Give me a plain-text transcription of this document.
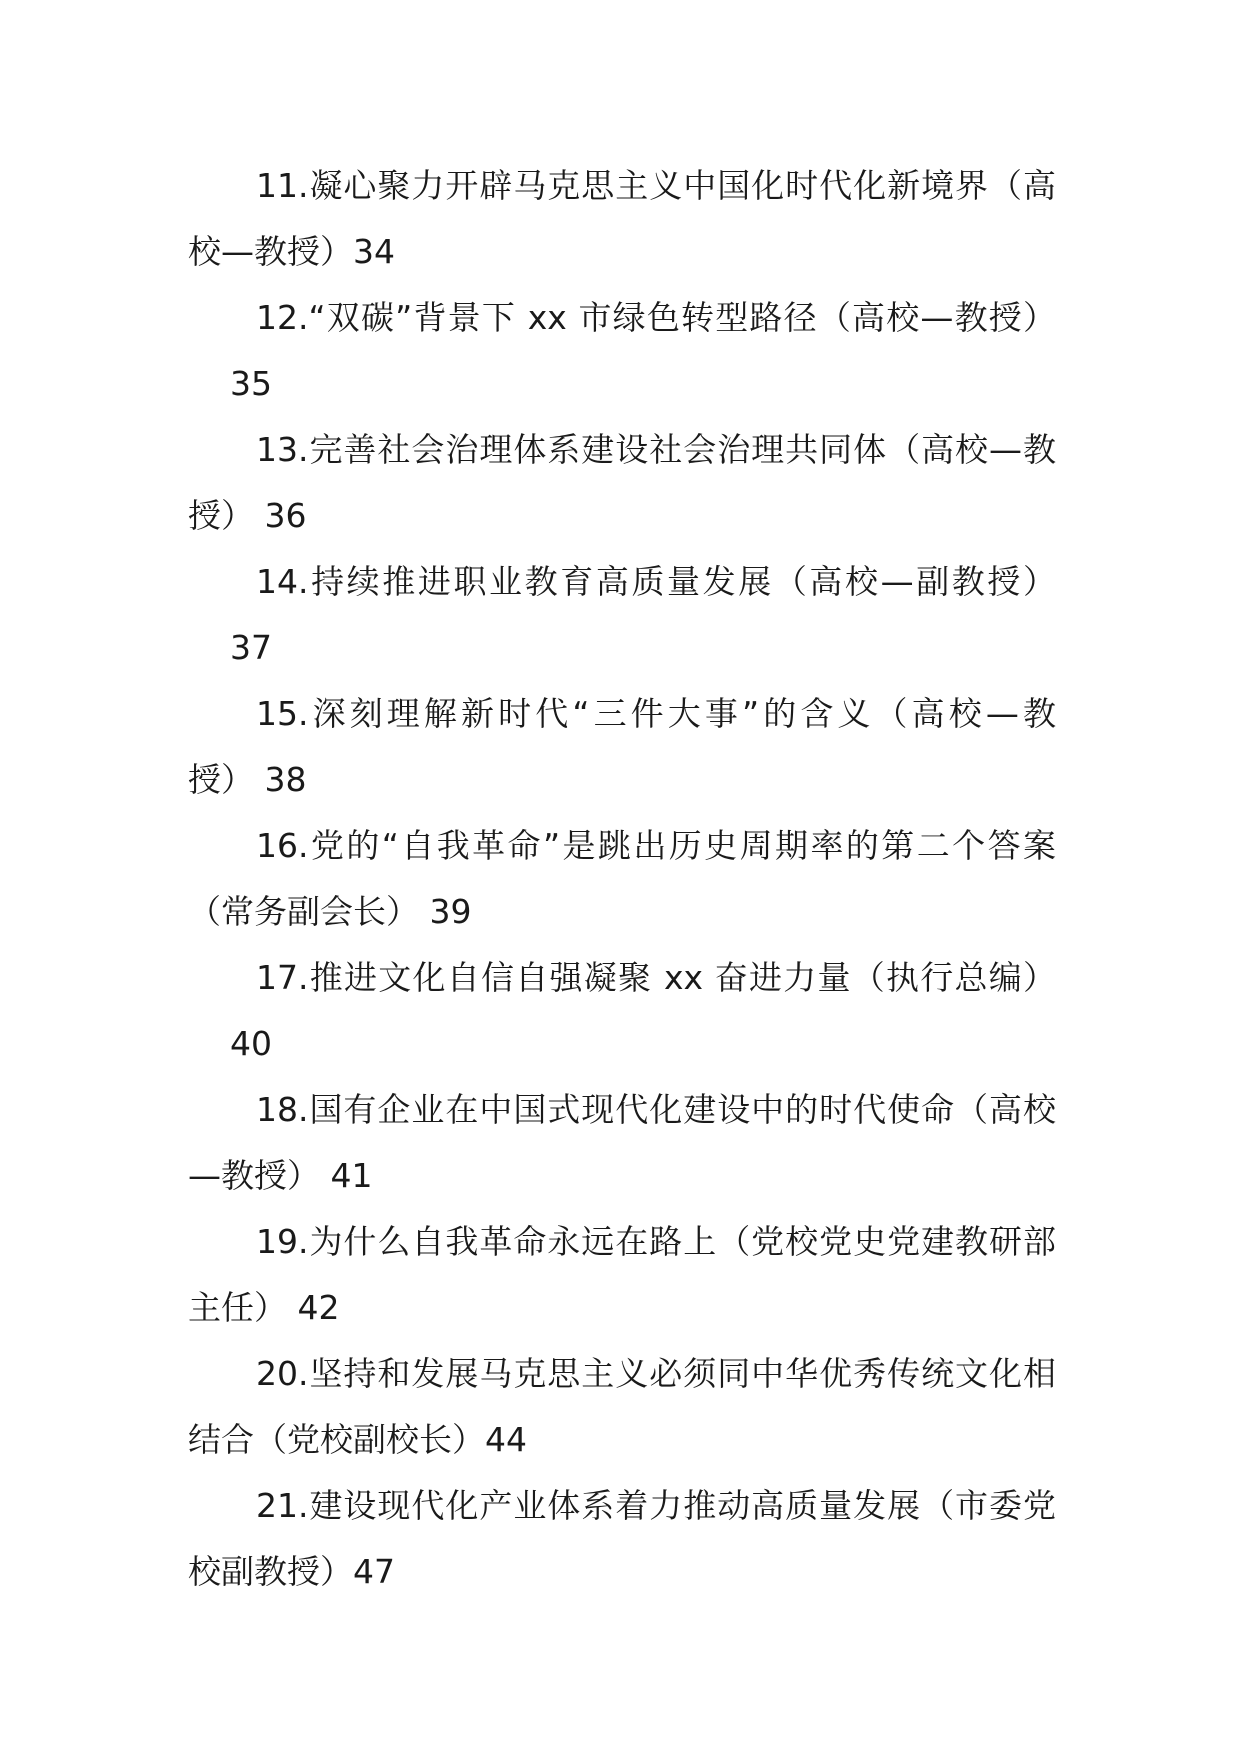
11.凝心聚力开辟马克思主义中国化时代化新境界（高
校—教授）34
12.“双碳”背景下 xx 市绿色转型路径（高校—教授）
35
13.完善社会治理体系建设社会治理共同体（高校—教
授） 36
14.持续推进职业教育高质量发展（高校—副教授）
37
15.深刻理解新时代“三件大事”的含义（高校—教
授） 38
16.党的“自我革命”是跳出历史周期率的第二个答案
（常务副会长） 39
17.推进文化自信自强凝聚 xx 奋进力量（执行总编）
40
18.国有企业在中国式现代化建设中的时代使命（高校
—教授） 41
19.为什么自我革命永远在路上（党校党史党建教研部
主任） 42
20.坚持和发展马克思主义必须同中华优秀传统文化相
结合（党校副校长）44
21.建设现代化产业体系着力推动高质量发展（市委党
校副教授）47
